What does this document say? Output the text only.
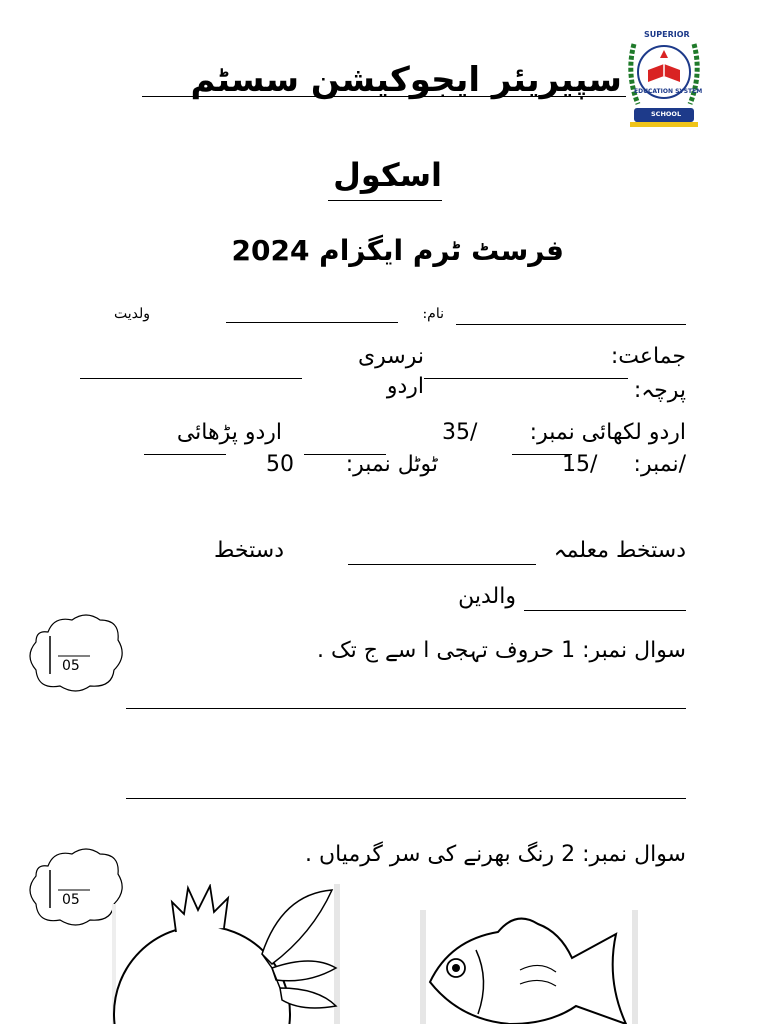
SUPERIOR
EDUCATION SYSTEM
SCHOOL
سپیریئر ایجوکیشن سسٹم
اسکول
فرسٹ ٹرم ایگزام 2024
نام:
ولدیت
جماعت:
نرسری
پرچہ:
اردو
اردو لکھائی نمبر:
35/
اردو پڑھائی
/نمبر:
15/
ٹوٹل نمبر:
50
دستخط معلمہ
دستخط
والدین
سوال نمبر: 1 حروف تہجی ا سے ج تک .
05
سوال نمبر: 2 رنگ بھرنے کی سر گرمیاں .
05
